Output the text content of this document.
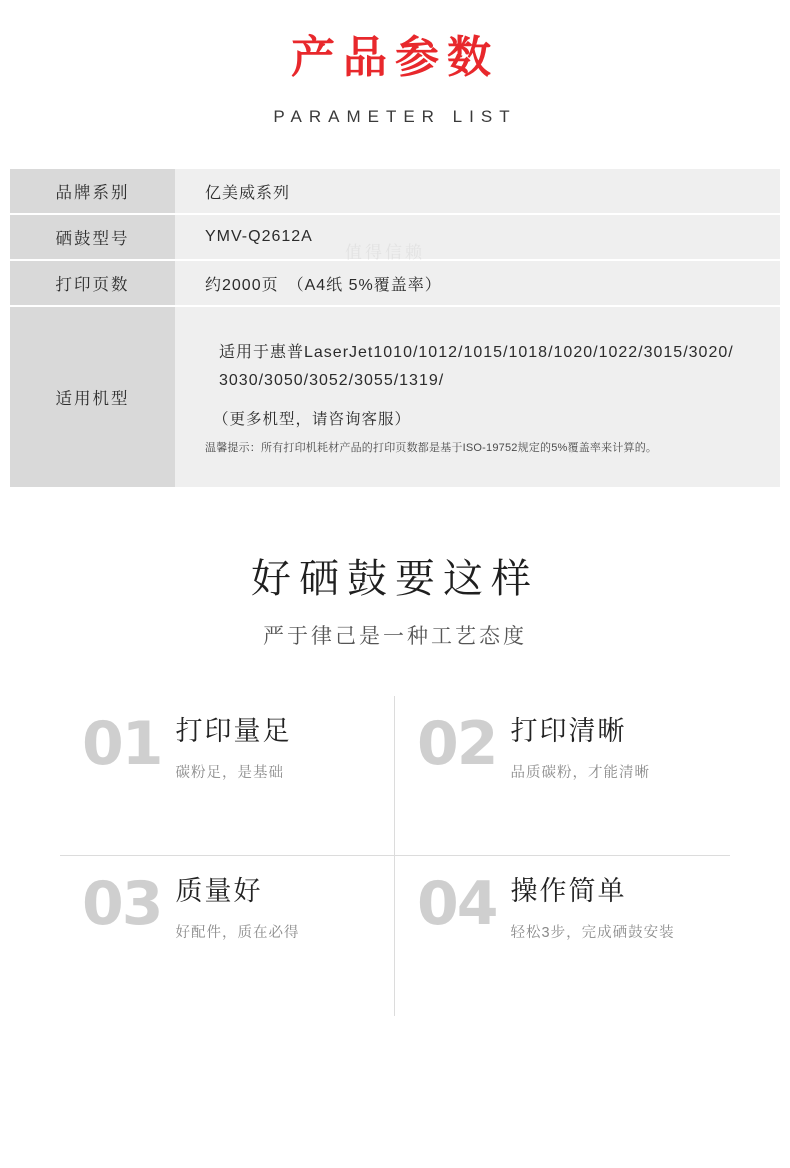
产品参数
PARAMETER LIST
品牌系别	亿美威系列
硒鼓型号	YMV-Q2612A
打印页数	约2000页　（A4纸 5%覆盖率）
适用机型	适用于惠普LaserJet1010/1012/1015/1018/1020/1022/3015/3020/
3030/3050/3052/3055/1319/
（更多机型，请咨询客服）
温馨提示：所有打印机耗材产品的打印页数都是基于ISO-19752规定的5%覆盖率来计算的。
值得信赖
好硒鼓要这样
严于律己是一种工艺态度
01 打印量足
碳粉足，是基础 02 打印清晰
品质碳粉，才能清晰
03 质量好
好配件，质在必得 04 操作简单
轻松3步，完成硒鼓安装
